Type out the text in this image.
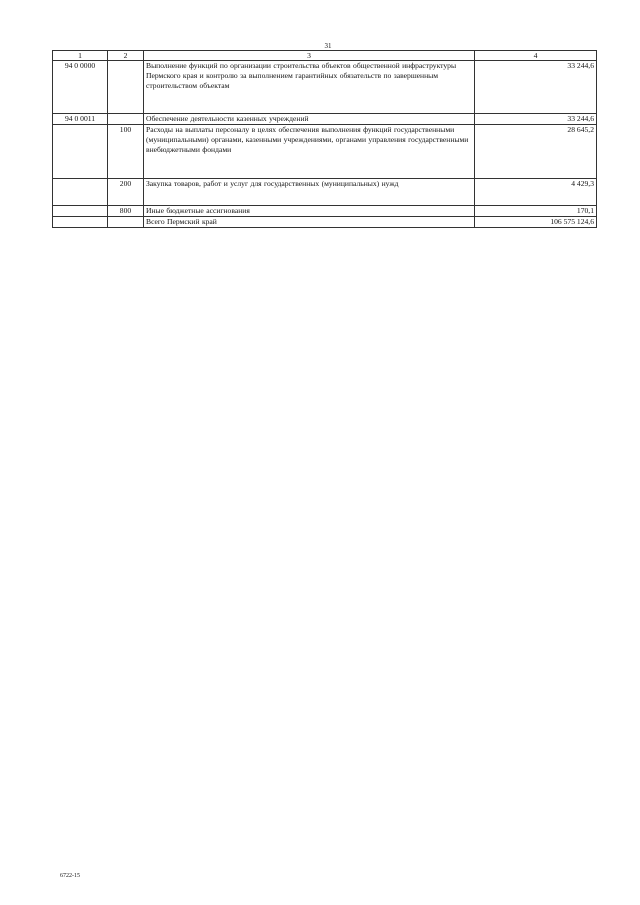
31
1	2	3	4
94 0 0000		Выполнение функций по организации строительства объектов общественной инфраструктуры Пермского края и контролю за выполнением гарантийных обязательств по завершенным строительством объектам	33 244,6
94 0 0011		Обеспечение деятельности казенных учреждений	33 244,6
	100	Расходы на выплаты персоналу в целях обеспечения выполнения функций государственными (муниципальными) органами, казенными учреждениями, органами управления государственными внебюджетными фондами	28 645,2
	200	Закупка товаров, работ и услуг для государственных (муниципальных) нужд	4 429,3
	800	Иные бюджетные ассигнования	170,1
		Всего Пермский край	106 575 124,6
6722-15
